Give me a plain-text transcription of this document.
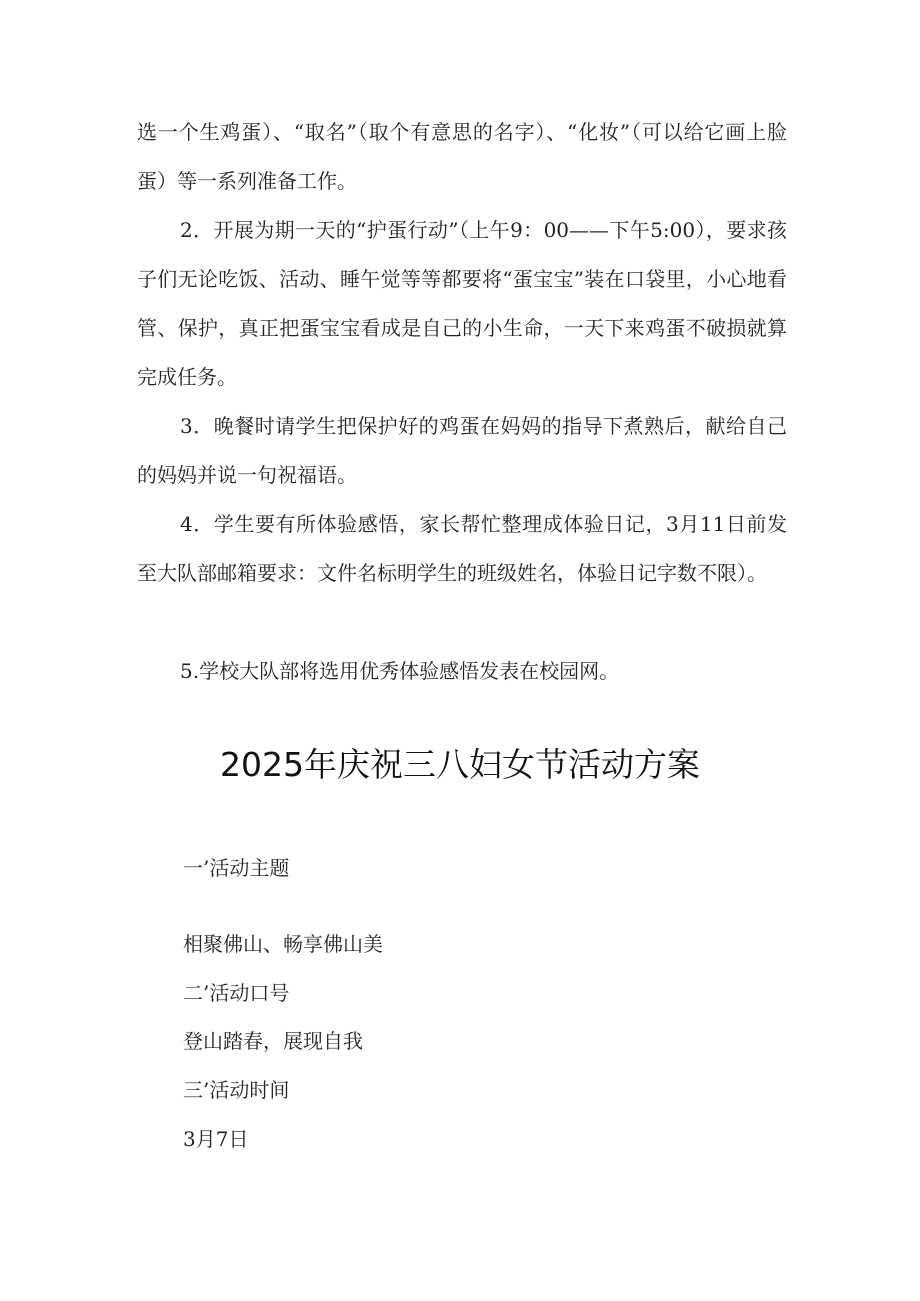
选一个生鸡蛋）、“取名”（取个有意思的名字）、“化妆”（可以给它画上脸蛋）等一系列准备工作。

2．开展为期一天的“护蛋行动”（上午9：00——下午5:00），要求孩子们无论吃饭、活动、睡午觉等等都要将“蛋宝宝”装在口袋里，小心地看管、保护，真正把蛋宝宝看成是自己的小生命，一天下来鸡蛋不破损就算完成任务。

3．晚餐时请学生把保护好的鸡蛋在妈妈的指导下煮熟后，献给自己的妈妈并说一句祝福语。

4．学生要有所体验感悟，家长帮忙整理成体验日记，3月11日前发至大队部邮箱要求：文件名标明学生的班级姓名，体验日记字数不限）。

5.学校大队部将选用优秀体验感悟发表在校园网。

2025年庆祝三八妇女节活动方案

一’活动主题

相聚佛山、畅享佛山美

二’活动口号

登山踏春，展现自我

三’活动时间

3月7日
